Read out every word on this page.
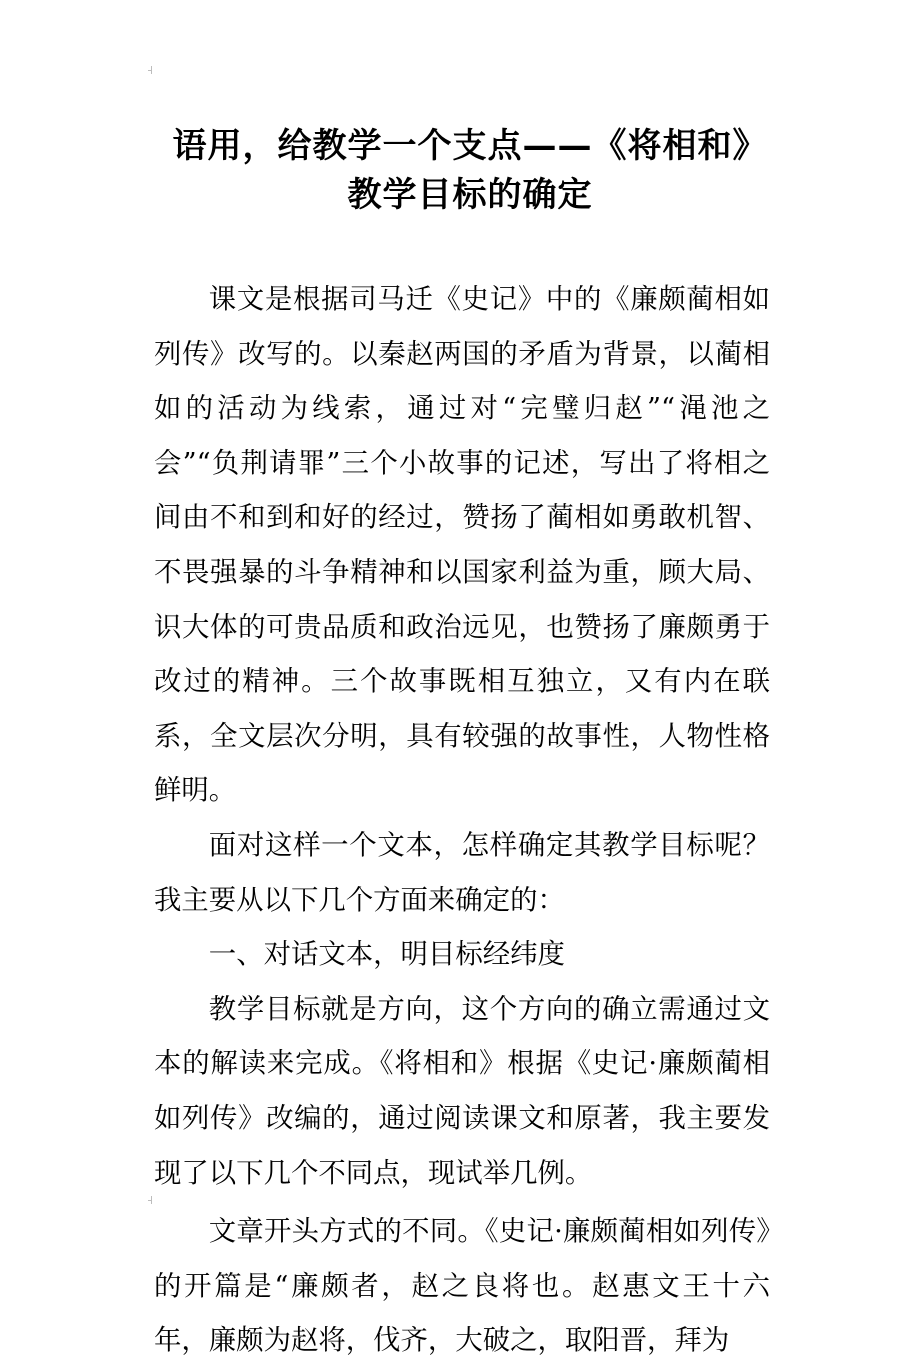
语用，给教学一个支点——《将相和》
教学目标的确定

课文是根据司马迁《史记》中的《廉颇蔺相如列传》改写的。以秦赵两国的矛盾为背景，以蔺相如的活动为线索，通过对“完璧归赵”“渑池之会”“负荆请罪”三个小故事的记述，写出了将相之间由不和到和好的经过，赞扬了蔺相如勇敢机智、不畏强暴的斗争精神和以国家利益为重，顾大局、识大体的可贵品质和政治远见，也赞扬了廉颇勇于改过的精神。三个故事既相互独立，又有内在联系，全文层次分明，具有较强的故事性，人物性格鲜明。

面对这样一个文本，怎样确定其教学目标呢？我主要从以下几个方面来确定的：

一、对话文本，明目标经纬度

教学目标就是方向，这个方向的确立需通过文本的解读来完成。《将相和》根据《史记·廉颇蔺相如列传》改编的，通过阅读课文和原著，我主要发现了以下几个不同点，现试举几例。

文章开头方式的不同。《史记·廉颇蔺相如列传》的开篇是“廉颇者，赵之良将也。赵惠文王十六年，廉颇为赵将，伐齐，大破之，取阳晋，拜为
